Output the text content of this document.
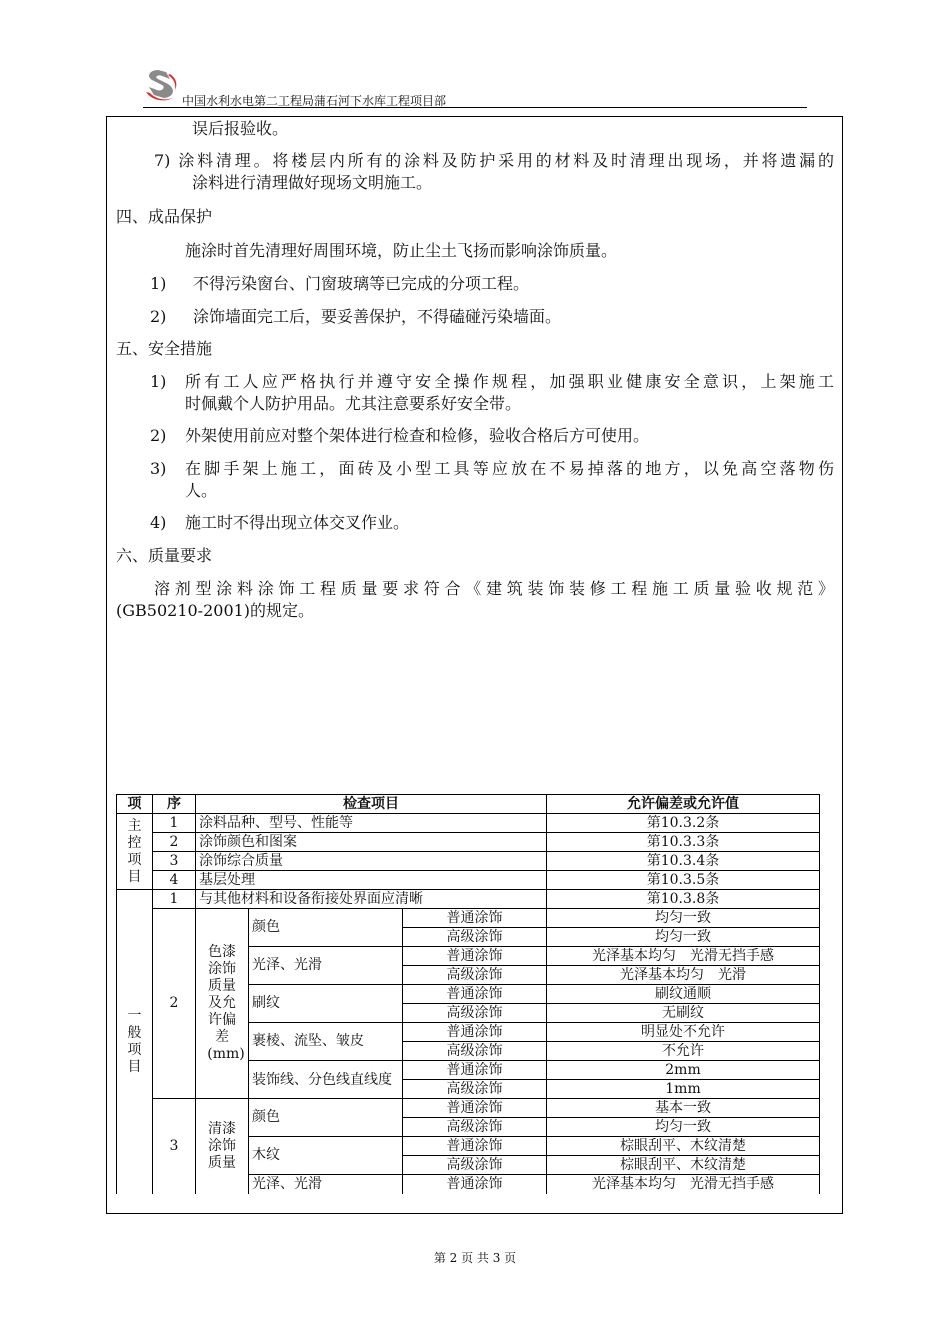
中国水利水电第二工程局蒲石河下水库工程项目部
误后报验收。
7) 涂料清理。将楼层内所有的涂料及防护采用的材料及时清理出现场，并将遗漏的
涂料进行清理做好现场文明施工。
四、成品保护
施涂时首先清理好周围环境，防止尘土飞扬而影响涂饰质量。
1) 不得污染窗台、门窗玻璃等已完成的分项工程。
2) 涂饰墙面完工后，要妥善保护，不得磕碰污染墙面。
五、安全措施
1) 所有工人应严格执行并遵守安全操作规程，加强职业健康安全意识，上架施工
时佩戴个人防护用品。尤其注意要系好安全带。
2) 外架使用前应对整个架体进行检查和检修，验收合格后方可使用。
3) 在脚手架上施工，面砖及小型工具等应放在不易掉落的地方，以免高空落物伤
人。
4) 施工时不得出现立体交叉作业。
六、质量要求
溶剂型涂料涂饰工程质量要求符合《建筑装饰装修工程施工质量验收规范》
(GB50210-2001)的规定。
项	序	检查项目			允许偏差或允许值

主控项目	1	涂料品种、型号、性能等			第10.3.2条
	2	涂饰颜色和图案			第10.3.3条
	3	涂饰综合质量			第10.3.4条
	4	基层处理			第10.3.5条

一般项目	1	与其他材料和设备衔接处界面应清晰			第10.3.8条
	2	色漆涂饰质量及允许偏差(mm)	颜色	普通涂饰	均匀一致
				高级涂饰	均匀一致
			光泽、光滑	普通涂饰	光泽基本均匀　光滑无挡手感
				高级涂饰	光泽基本均匀　光滑
			刷纹	普通涂饰	刷纹通顺
				高级涂饰	无刷纹
			裹棱、流坠、皱皮	普通涂饰	明显处不允许
				高级涂饰	不允许
			装饰线、分色线直线度	普通涂饰	2mm
				高级涂饰	1mm
	3	清漆涂饰质量	颜色	普通涂饰	基本一致
				高级涂饰	均匀一致
			木纹	普通涂饰	棕眼刮平、木纹清楚
				高级涂饰	棕眼刮平、木纹清楚
			光泽、光滑	普通涂饰	光泽基本均匀　光滑无挡手感
第 2 页 共 3 页
